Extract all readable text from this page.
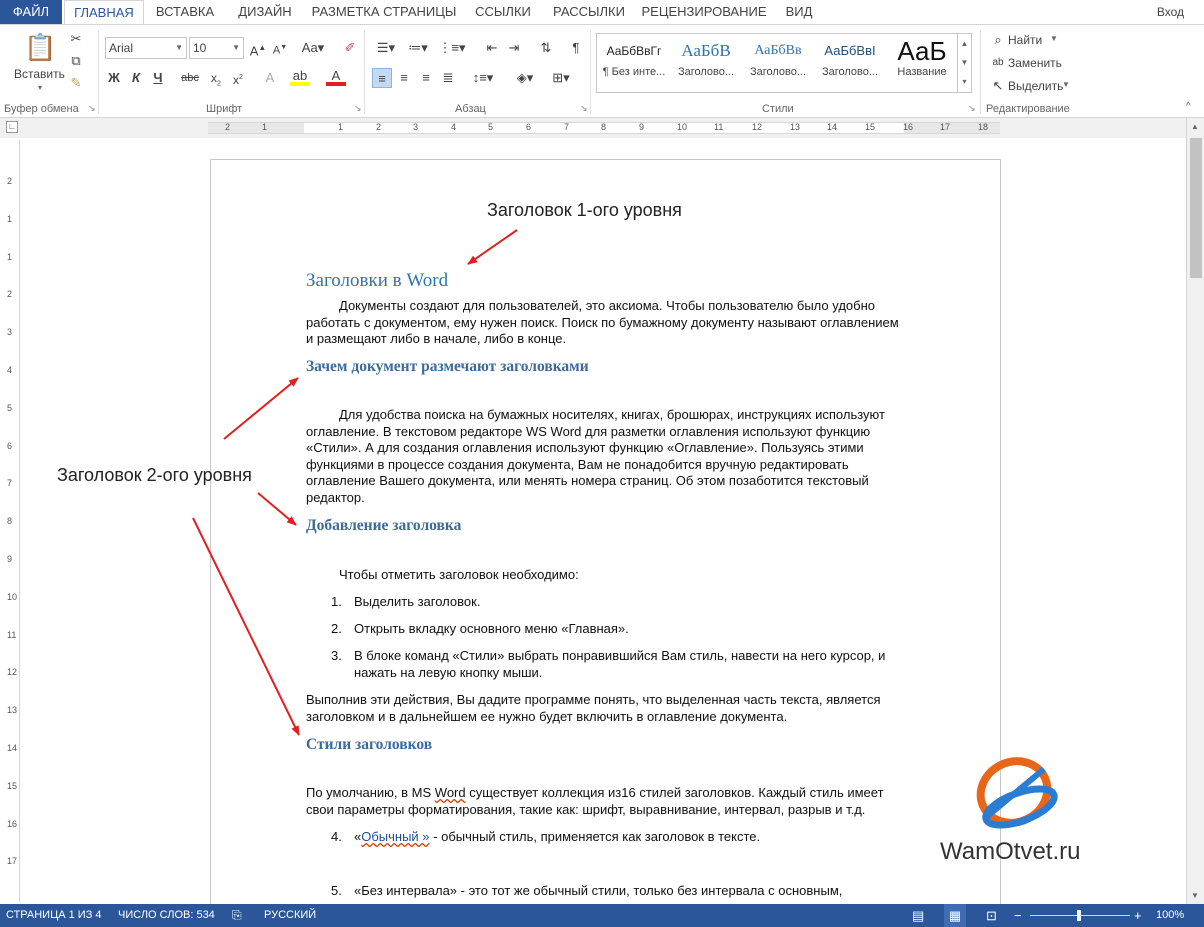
ФАЙЛ	ГЛАВНАЯ	ВСТАВКА	ДИЗАЙН	РАЗМЕТКА СТРАНИЦЫ	ССЫЛКИ	РАССЫЛКИ	РЕЦЕНЗИРОВАНИЕ	ВИД	Вход
📋
Вставить
▾
✂
⧉
✎
Буфер обмена ↘
Arial	▼ 10	▼ A▲ A▼ Aa▾	✐
Ж К	Ч	abc	$x_2$	$x^2$	A	ab	A
Шрифт	↘
☰▾	≔▾ ⋮≡▾	⇤ ⇥	⇅	¶
≡	≡	≡ ≣	↕≡▾	◈▾	⊞▾
Абзац	↘
АаБбВвГг
¶ Без инте...
АаБбВ
Заголово...
АаБбВв
Заголово...
АаБбВвІ
Заголово...
АаБ
Название
▲
▼
▾
Стили	↘
⌕ Найти ▼
ab Заменить
↖ Выделить
▼
Редактирование	^
∟	2	1	1	2	3	4	5	6	7	8	9	10	11	12	13	14	15	16	17	18
2
1
1
2
3
4
5
6
7
8
9
10
11
12
13
14
15
16
17
Заголовки в Word
Документы создают для пользователей, это аксиома. Чтобы пользователю было удобно работать с документом, ему нужен поиск. Поиск по бумажному документу называют оглавлением и размещают либо в начале, либо в конце.
Зачем документ размечают заголовками
Для удобства поиска на бумажных носителях, книгах, брошюрах, инструкциях используют оглавление. В текстовом редакторе WS Word для разметки оглавления используют функцию «Стили». А для создания оглавления используют функцию «Оглавление». Пользуясь этими функциями в процессе создания документа, Вам не понадобится вручную редактировать оглавление Вашего документа, или менять номера страниц. Об этом позаботится текстовый редактор.
Добавление заголовка
Чтобы отметить заголовок необходимо:
1. Выделить заголовок.
2. Открыть вкладку основного меню «Главная».
3. В блоке команд «Стили» выбрать понравившийся Вам стиль, навести на него курсор, и нажать на левую кнопку мыши.
Выполнив эти действия, Вы дадите программе понять, что выделенная часть текста, является заголовком и в дальнейшем ее нужно будет включить в оглавление документа.
Стили заголовков
По умолчанию, в MS Word существует коллекция из16 стилей заголовков. Каждый стиль имеет свои параметры форматирования, такие как: шрифт, выравнивание, интервал, разрыв и т.д.
4. «Обычный » - обычный стиль, применяется как заголовок в тексте.
5. «Без интервала» - это тот же обычный стили, только без интервала с основным,
Заголовок 1-ого уровня
Заголовок 2-ого уровня
WamOtvet.ru
▲
▼
СТРАНИЦА 1 ИЗ 4 ЧИСЛО СЛОВ: 534 ⎘ РУССКИЙ	▤	▦	⊡ −	+ 100%
